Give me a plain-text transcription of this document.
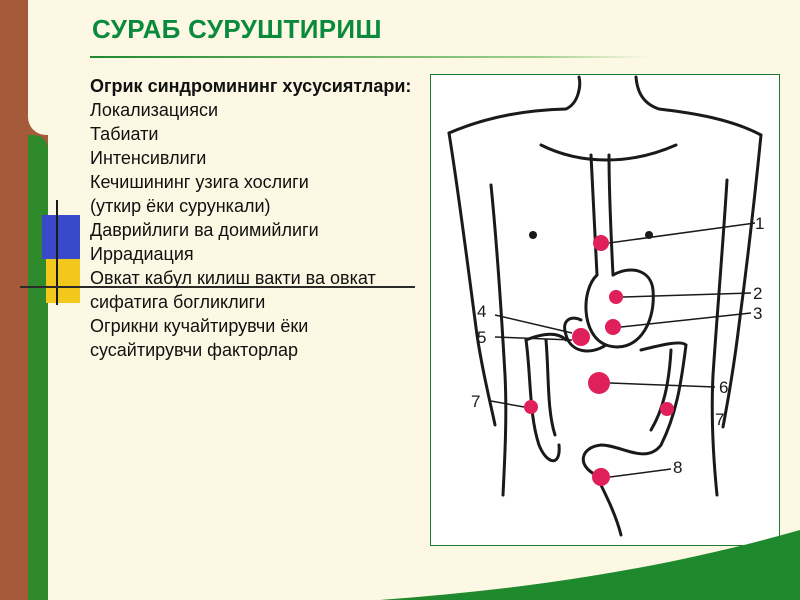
СУРАБ СУРУШТИРИШ
Огрик синдромининг хусусиятлари:
Локализацияси
Табиати
Интенсивлиги
Кечишининг узига хослиги
(уткир ёки сурункали)
Даврийлиги ва доимийлиги
Иррадиация
Овкат кабул килиш вакти ва овкат
сифатига богликлиги
Огрикни кучайтирувчи ёки
сусайтирувчи факторлар
1
2
3
4
5
6
7
7
8
